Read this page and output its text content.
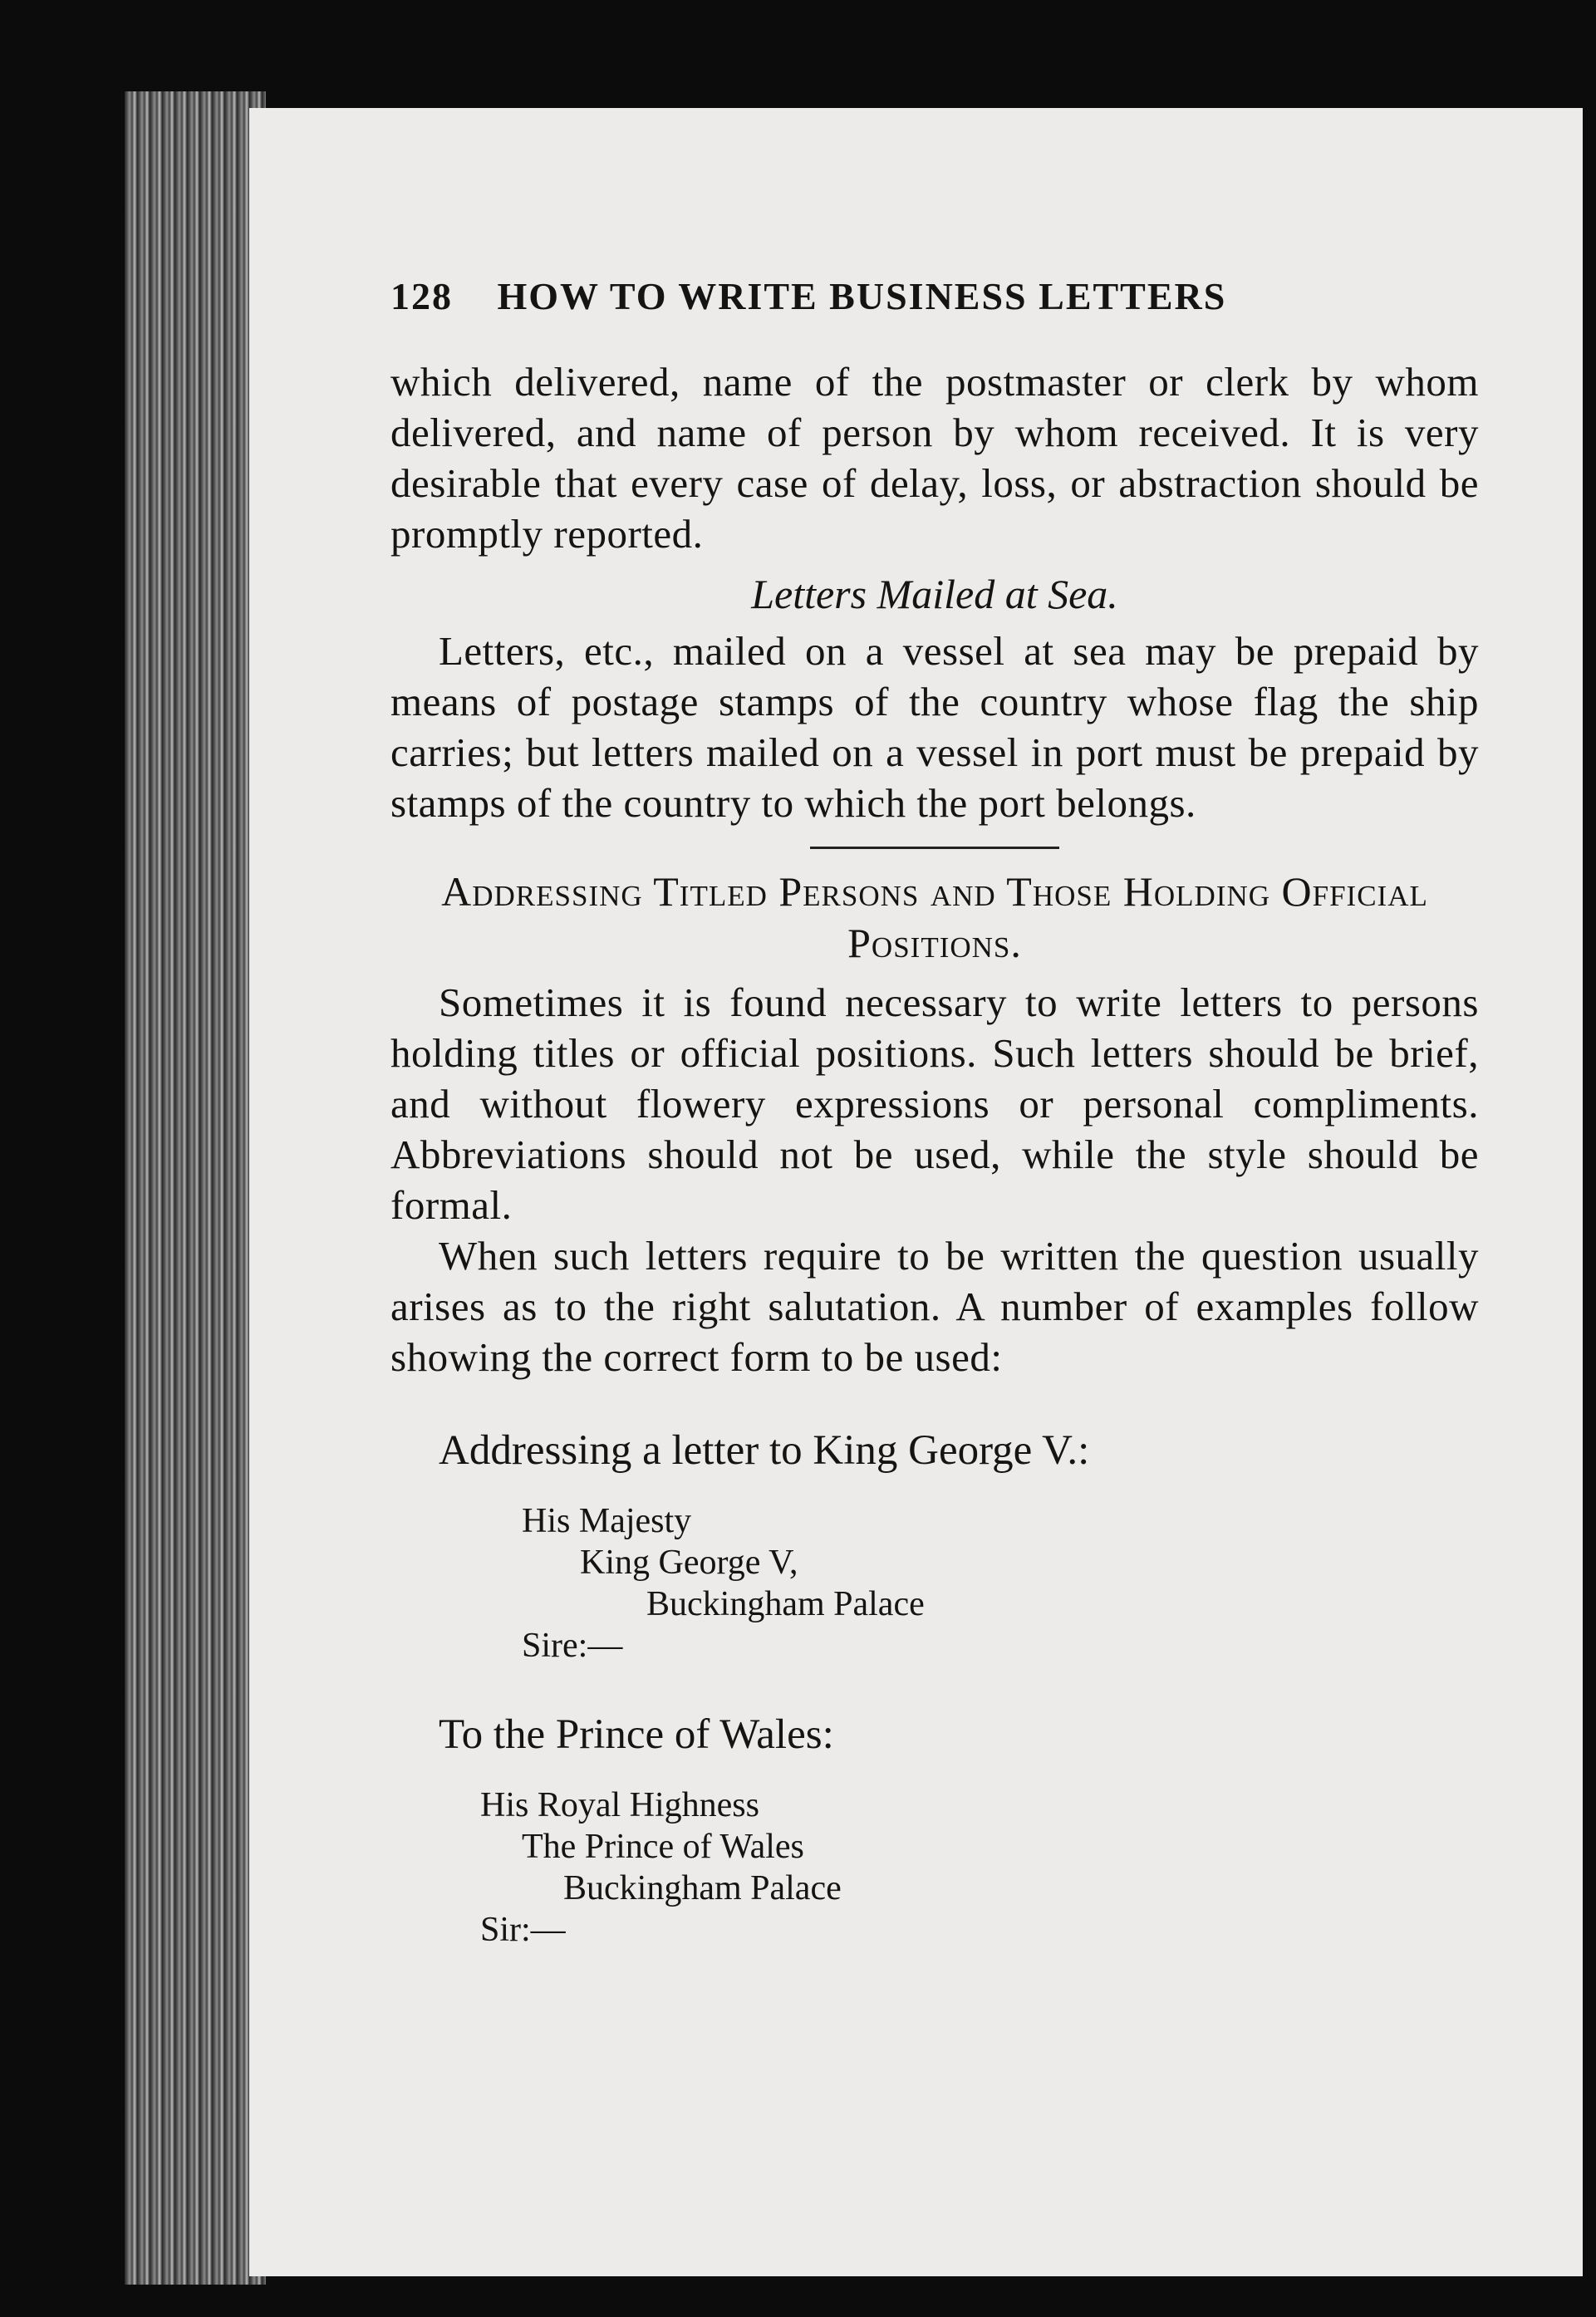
128 HOW TO WRITE BUSINESS LETTERS

which delivered, name of the postmaster or clerk by whom delivered, and name of person by whom received. It is very desirable that every case of delay, loss, or abstraction should be promptly reported.

Letters Mailed at Sea.

Letters, etc., mailed on a vessel at sea may be prepaid by means of postage stamps of the country whose flag the ship carries; but letters mailed on a vessel in port must be prepaid by stamps of the country to which the port belongs.

Addressing Titled Persons and Those Holding Official Positions.

Sometimes it is found necessary to write letters to persons holding titles or official positions. Such letters should be brief, and without flowery expressions or personal compliments. Abbreviations should not be used, while the style should be formal.

When such letters require to be written the question usually arises as to the right salutation. A number of examples follow showing the correct form to be used:

Addressing a letter to King George V.:
His Majesty
King George V,
Buckingham Palace
Sire:—
To the Prince of Wales:
His Royal Highness
The Prince of Wales
Buckingham Palace
Sir:—
